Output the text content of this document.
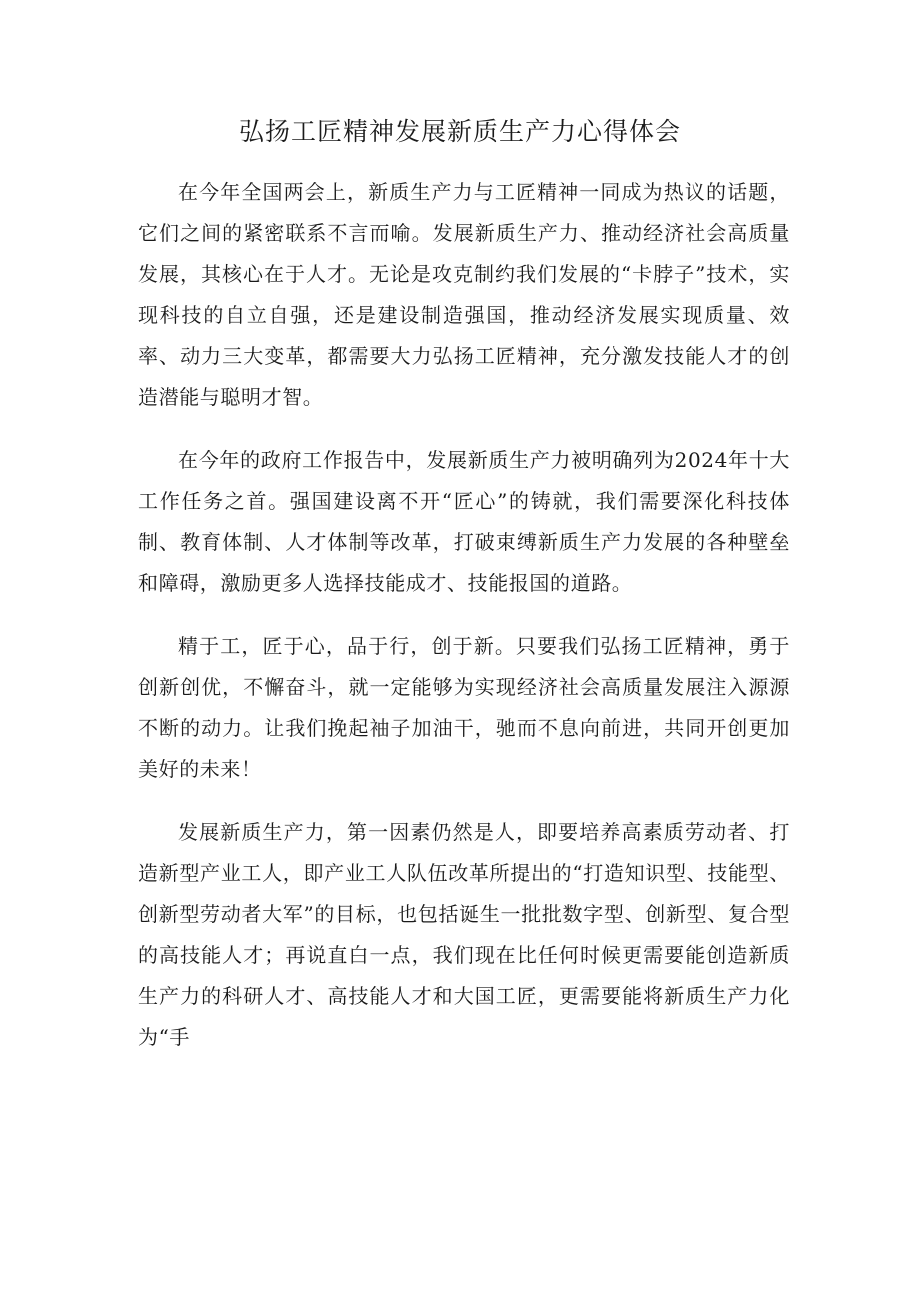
弘扬工匠精神发展新质生产力心得体会

在今年全国两会上，新质生产力与工匠精神一同成为热议的话题，它们之间的紧密联系不言而喻。发展新质生产力、推动经济社会高质量发展，其核心在于人才。无论是攻克制约我们发展的“卡脖子”技术，实现科技的自立自强，还是建设制造强国，推动经济发展实现质量、效率、动力三大变革，都需要大力弘扬工匠精神，充分激发技能人才的创造潜能与聪明才智。

在今年的政府工作报告中，发展新质生产力被明确列为2024年十大工作任务之首。强国建设离不开“匠心”的铸就，我们需要深化科技体制、教育体制、人才体制等改革，打破束缚新质生产力发展的各种壁垒和障碍，激励更多人选择技能成才、技能报国的道路。

精于工，匠于心，品于行，创于新。只要我们弘扬工匠精神，勇于创新创优，不懈奋斗，就一定能够为实现经济社会高质量发展注入源源不断的动力。让我们挽起袖子加油干，驰而不息向前进，共同开创更加美好的未来！

发展新质生产力，第一因素仍然是人，即要培养高素质劳动者、打造新型产业工人，即产业工人队伍改革所提出的“打造知识型、技能型、创新型劳动者大军”的目标，也包括诞生一批批数字型、创新型、复合型的高技能人才；再说直白一点，我们现在比任何时候更需要能创造新质生产力的科研人才、高技能人才和大国工匠，更需要能将新质生产力化为“手
